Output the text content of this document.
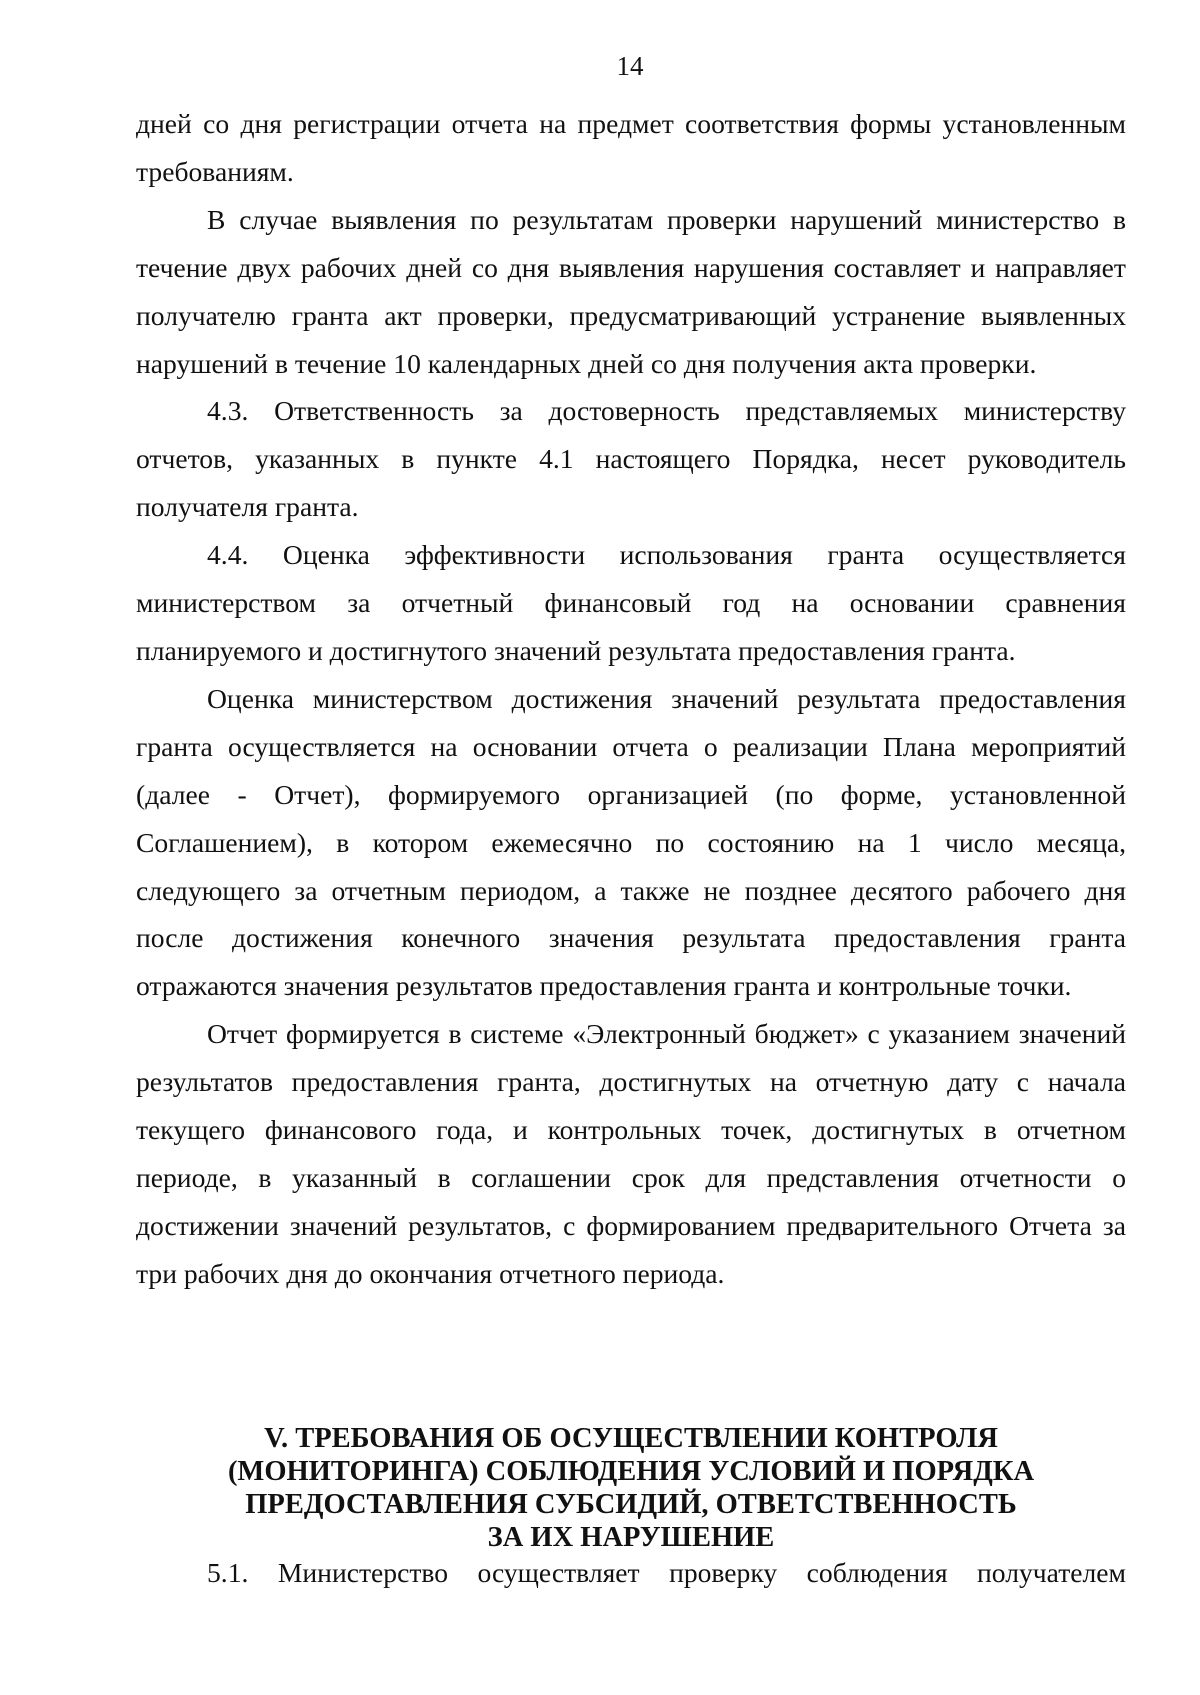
14

дней со дня регистрации отчета на предмет соответствия формы установленным требованиям.

В случае выявления по результатам проверки нарушений министерство в течение двух рабочих дней со дня выявления нарушения составляет и направляет получателю гранта акт проверки, предусматривающий устранение выявленных нарушений в течение 10 календарных дней со дня получения акта проверки.

4.3. Ответственность за достоверность представляемых министерству отчетов, указанных в пункте 4.1 настоящего Порядка, несет руководитель получателя гранта.

4.4. Оценка эффективности использования гранта осуществляется министерством за отчетный финансовый год на основании сравнения планируемого и достигнутого значений результата предоставления гранта.

Оценка министерством достижения значений результата предоставления гранта осуществляется на основании отчета о реализации Плана мероприятий (далее - Отчет), формируемого организацией (по форме, установленной Соглашением), в котором ежемесячно по состоянию на 1 число месяца, следующего за отчетным периодом, а также не позднее десятого рабочего дня после достижения конечного значения результата предоставления гранта отражаются значения результатов предоставления гранта и контрольные точки.

Отчет формируется в системе «Электронный бюджет» с указанием значений результатов предоставления гранта, достигнутых на отчетную дату с начала текущего финансового года, и контрольных точек, достигнутых в отчетном периоде, в указанный в соглашении срок для представления отчетности о достижении значений результатов, с формированием предварительного Отчета за три рабочих дня до окончания отчетного периода.

V. ТРЕБОВАНИЯ ОБ ОСУЩЕСТВЛЕНИИ КОНТРОЛЯ
(МОНИТОРИНГА) СОБЛЮДЕНИЯ УСЛОВИЙ И ПОРЯДКА
ПРЕДОСТАВЛЕНИЯ СУБСИДИЙ, ОТВЕТСТВЕННОСТЬ
ЗА ИХ НАРУШЕНИЕ

5.1. Министерство осуществляет проверку соблюдения получателем
